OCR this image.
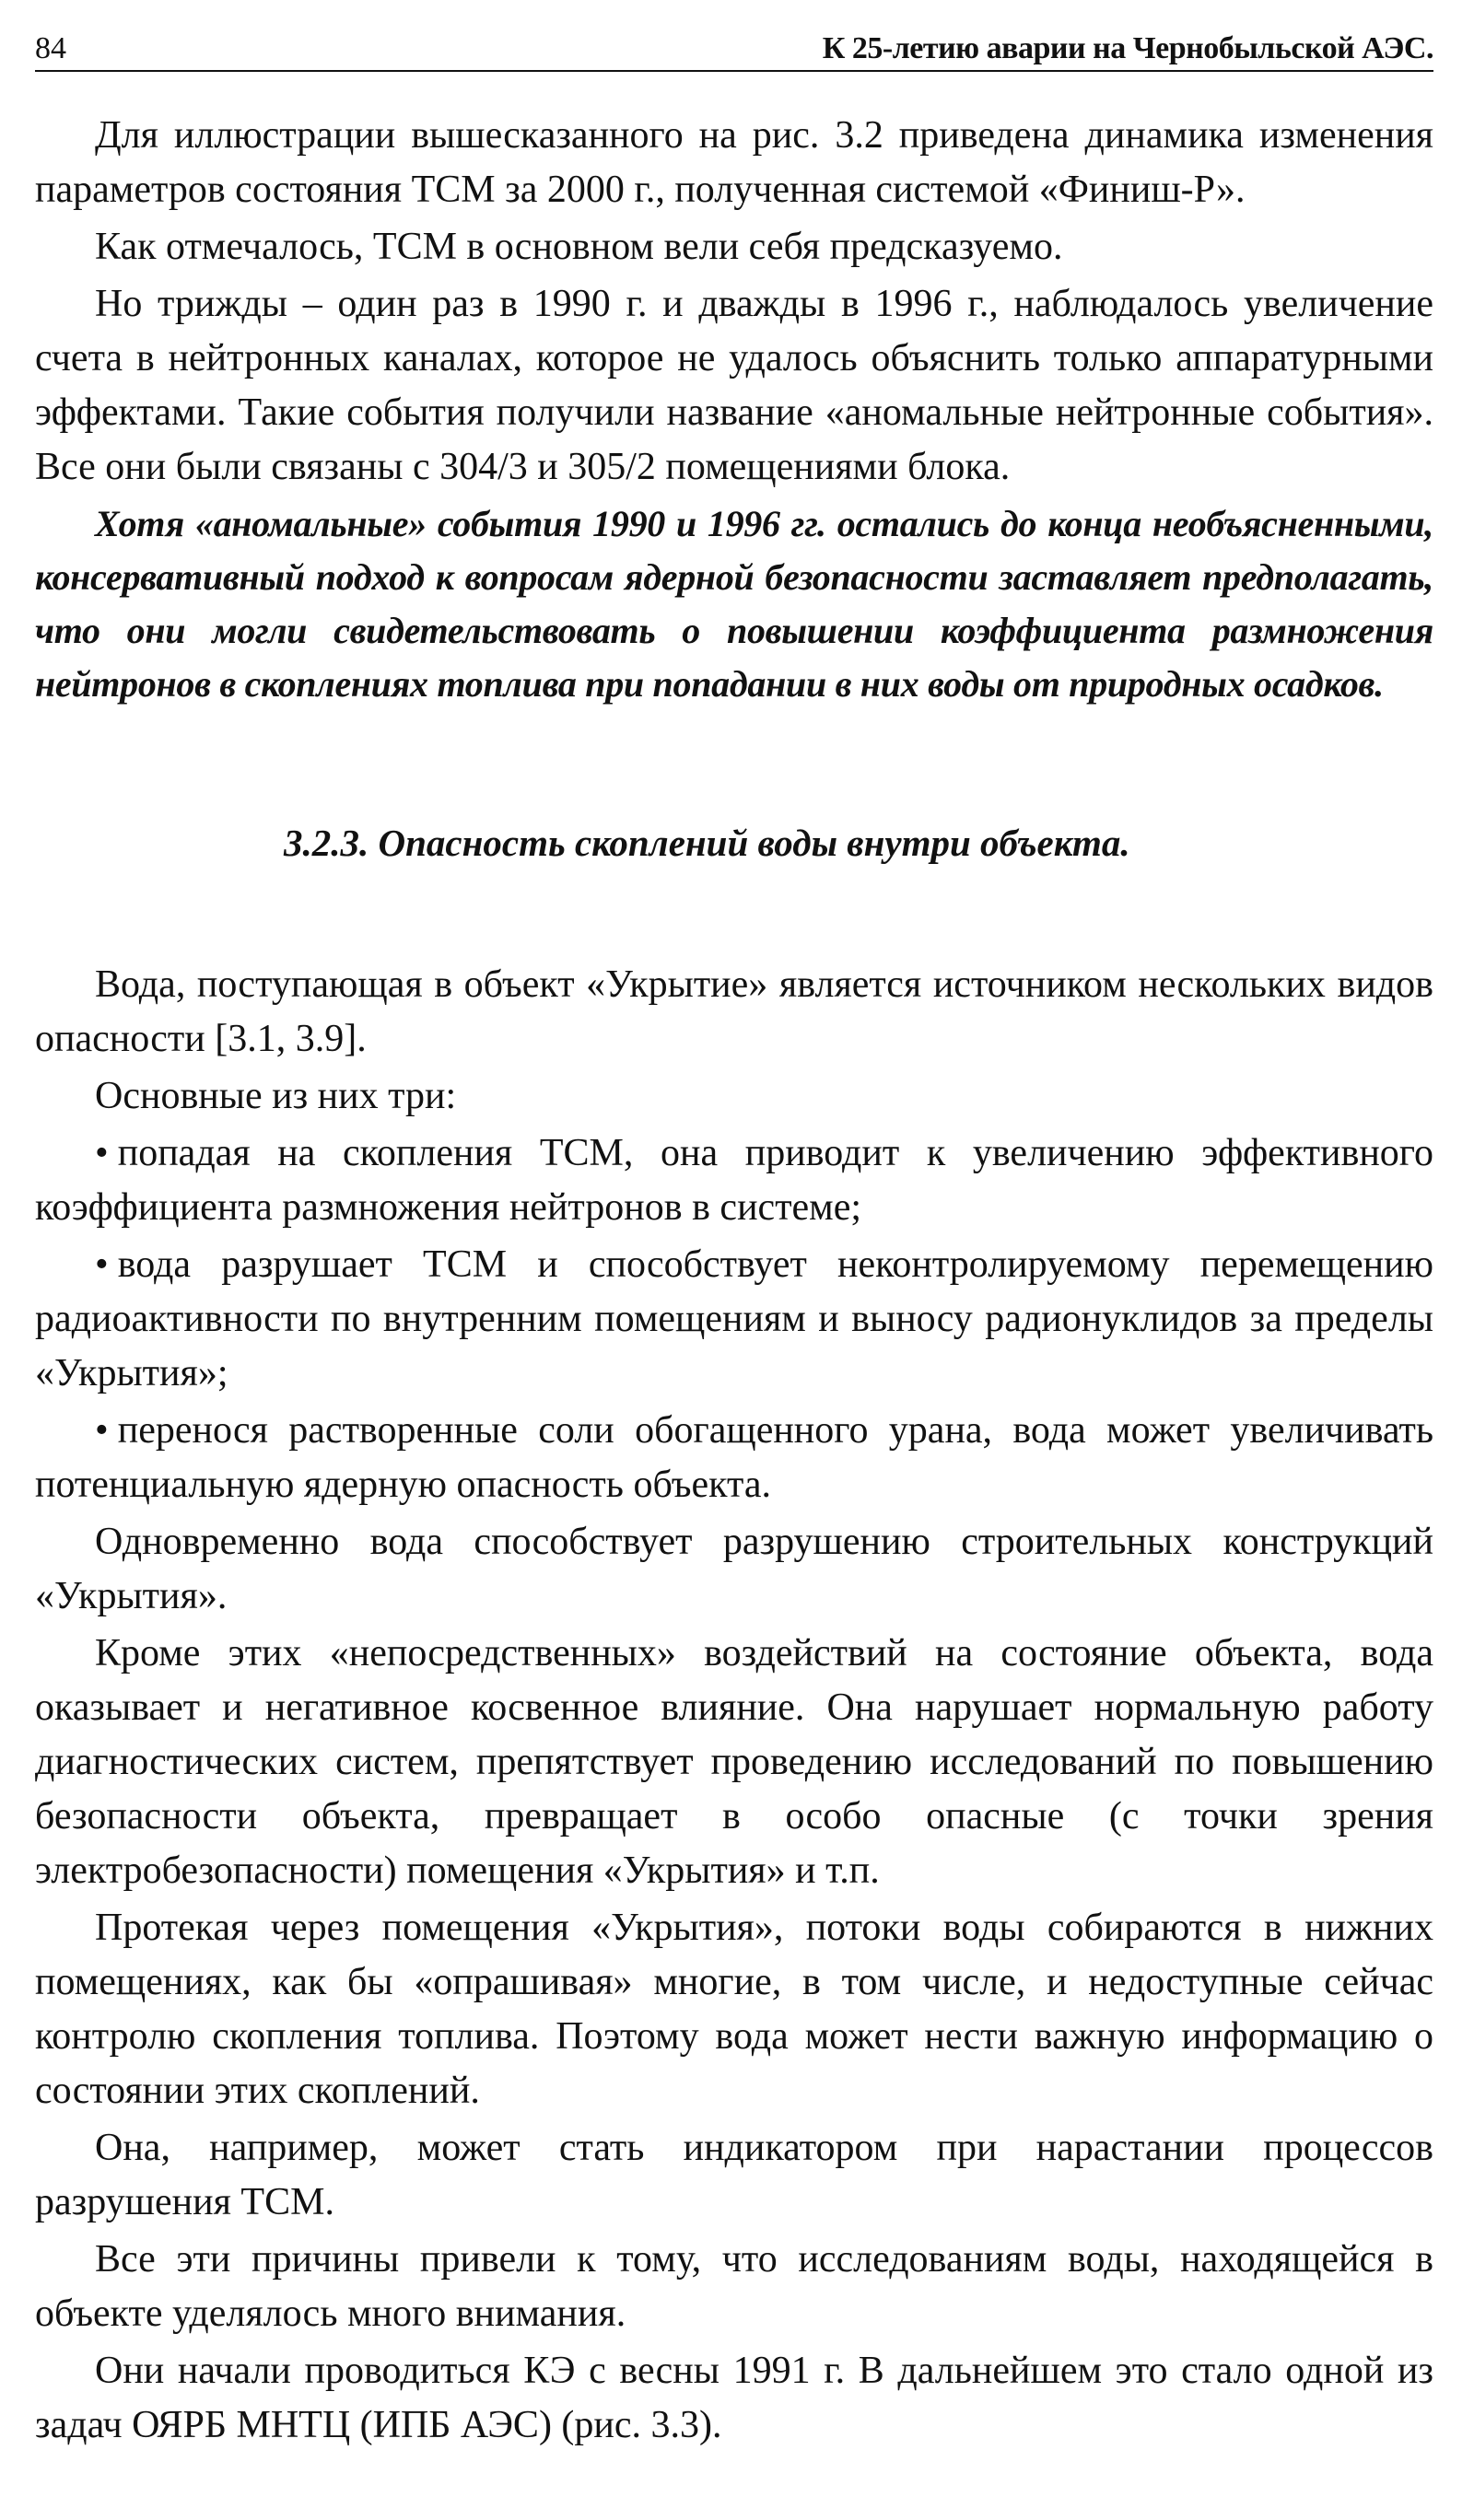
84	К 25-летию аварии на Чернобыльской АЭС.

Для иллюстрации вышесказанного на рис. 3.2 приведена динамика изменения параметров состояния ТСМ за 2000 г., полученная системой «Финиш-Р».

Как отмечалось, ТСМ в основном вели себя предсказуемо.

Но трижды – один раз в 1990 г. и дважды в 1996 г., наблюдалось увеличение счета в нейтронных каналах, которое не удалось объяснить только аппаратурными эффектами. Такие события получили название «аномальные нейтронные события». Все они были связаны с 304/3 и 305/2 помещениями блока.

Хотя «аномальные» события 1990 и 1996 гг. остались до конца необъясненными, консервативный подход к вопросам ядерной безопасности заставляет предполагать, что они могли свидетельствовать о повышении коэффициента размножения нейтронов в скоплениях топлива при попадании в них воды от природных осадков.

3.2.3. Опасность скоплений воды внутри объекта.

Вода, поступающая в объект «Укрытие» является источником нескольких видов опасности [3.1, 3.9].

Основные из них три:

• попадая на скопления ТСМ, она приводит к увеличению эффективного коэффициента размножения нейтронов в системе;

• вода разрушает ТСМ и способствует неконтролируемому перемещению радиоактивности по внутренним помещениям и выносу радионуклидов за пределы «Укрытия»;

• перенося растворенные соли обогащенного урана, вода может увеличивать потенциальную ядерную опасность объекта.

Одновременно вода способствует разрушению строительных конструкций «Укрытия».

Кроме этих «непосредственных» воздействий на состояние объекта, вода оказывает и негативное косвенное влияние. Она нарушает нормальную работу диагностических систем, препятствует проведению исследований по повышению безопасности объекта, превращает в особо опасные (с точки зрения электробезопасности) помещения «Укрытия» и т.п.

Протекая через помещения «Укрытия», потоки воды собираются в нижних помещениях, как бы «опрашивая» многие, в том числе, и недоступные сейчас контролю скопления топлива. Поэтому вода может нести важную информацию о состоянии этих скоплений.

Она, например, может стать индикатором при нарастании процессов разрушения ТСМ.

Все эти причины привели к тому, что исследованиям воды, находящейся в объекте уделялось много внимания.

Они начали проводиться КЭ с весны 1991 г. В дальнейшем это стало одной из задач ОЯРБ МНТЦ (ИПБ АЭС) (рис. 3.3).
